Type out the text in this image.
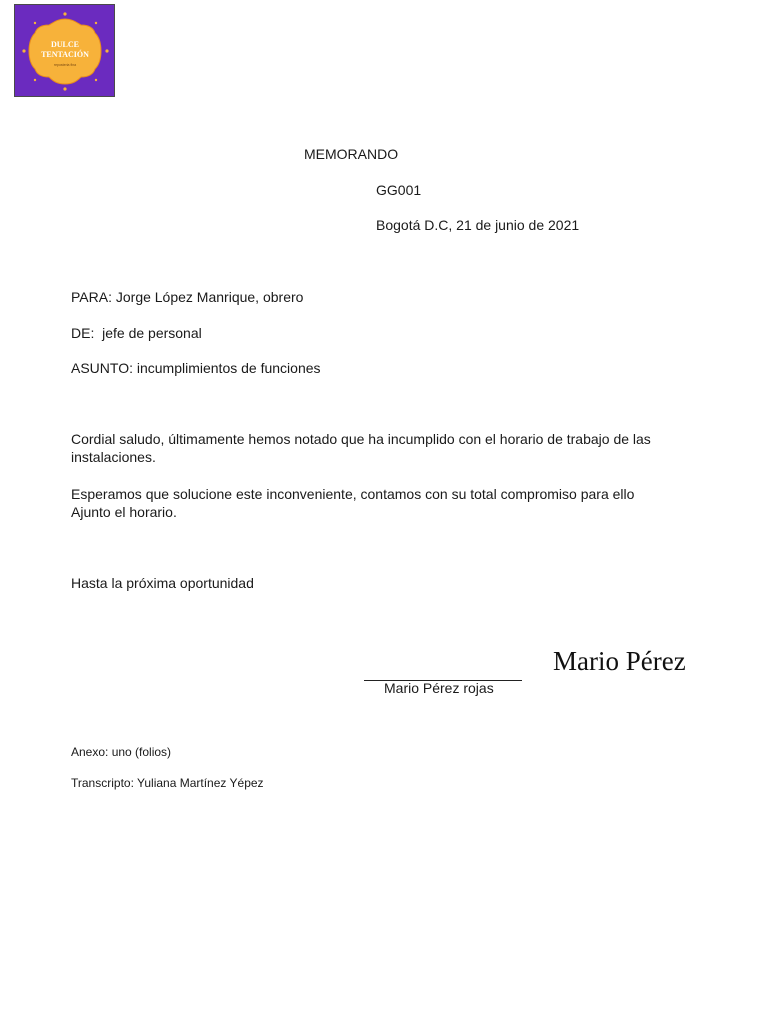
DULCE
TENTACIÓN
reposteria fina

MEMORANDO

GG001

Bogotá D.C, 21 de junio de 2021

PARA: Jorge López Manrique, obrero

DE:  jefe de personal

ASUNTO: incumplimientos de funciones

Cordial saludo, últimamente hemos notado que ha incumplido con el horario de trabajo de las instalaciones.

Esperamos que solucione este inconveniente, contamos con su total compromiso para ello
Ajunto el horario.

Hasta la próxima oportunidad

Mario Pérez

Mario Pérez rojas

Anexo: uno (folios)

Transcripto: Yuliana Martínez Yépez
